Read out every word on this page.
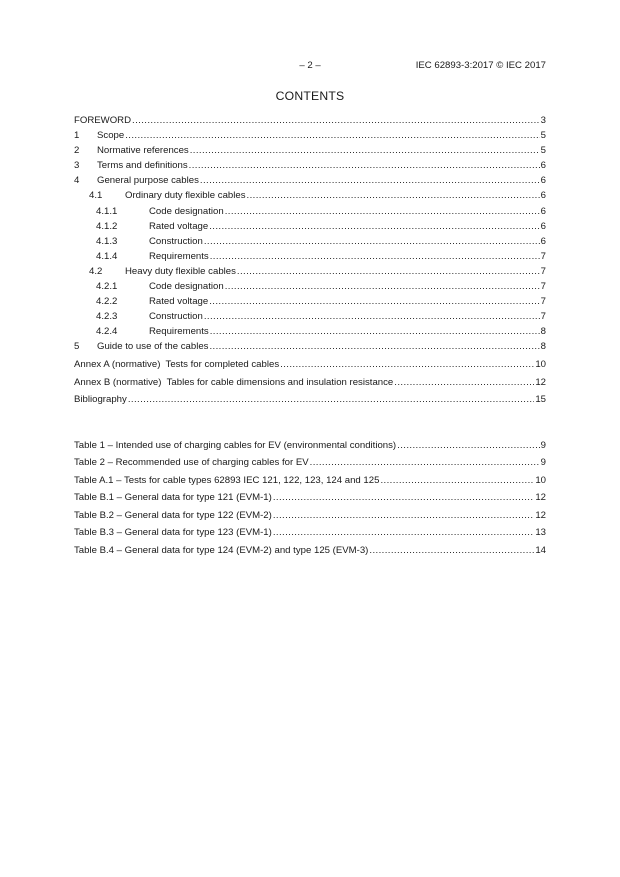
– 2 –	IEC 62893-3:2017 © IEC 2017
CONTENTS
FOREWORD .....	3
1	Scope .....	5
2	Normative references .....	5
3	Terms and definitions .....	6
4	General purpose cables .....	6
4.1	Ordinary duty flexible cables .....	6
4.1.1	Code designation .....	6
4.1.2	Rated voltage .....	6
4.1.3	Construction .....	6
4.1.4	Requirements .....	7
4.2	Heavy duty flexible cables .....	7
4.2.1	Code designation .....	7
4.2.2	Rated voltage .....	7
4.2.3	Construction .....	7
4.2.4	Requirements .....	8
5	Guide to use of the cables .....	8
Annex A (normative)  Tests for completed cables .....	10
Annex B (normative)  Tables for cable dimensions and insulation resistance .....	12
Bibliography .....	15
Table 1 – Intended use of charging cables for EV (environmental conditions) .....	9
Table 2 – Recommended use of charging cables for EV .....	9
Table A.1 – Tests for cable types 62893 IEC 121, 122, 123, 124 and 125 .....	10
Table B.1 – General data for type 121 (EVM-1) .....	12
Table B.2 – General data for type 122 (EVM-2) .....	12
Table B.3 – General data for type 123 (EVM-1) .....	13
Table B.4 – General data for type 124 (EVM-2) and type 125 (EVM-3) .....	14
